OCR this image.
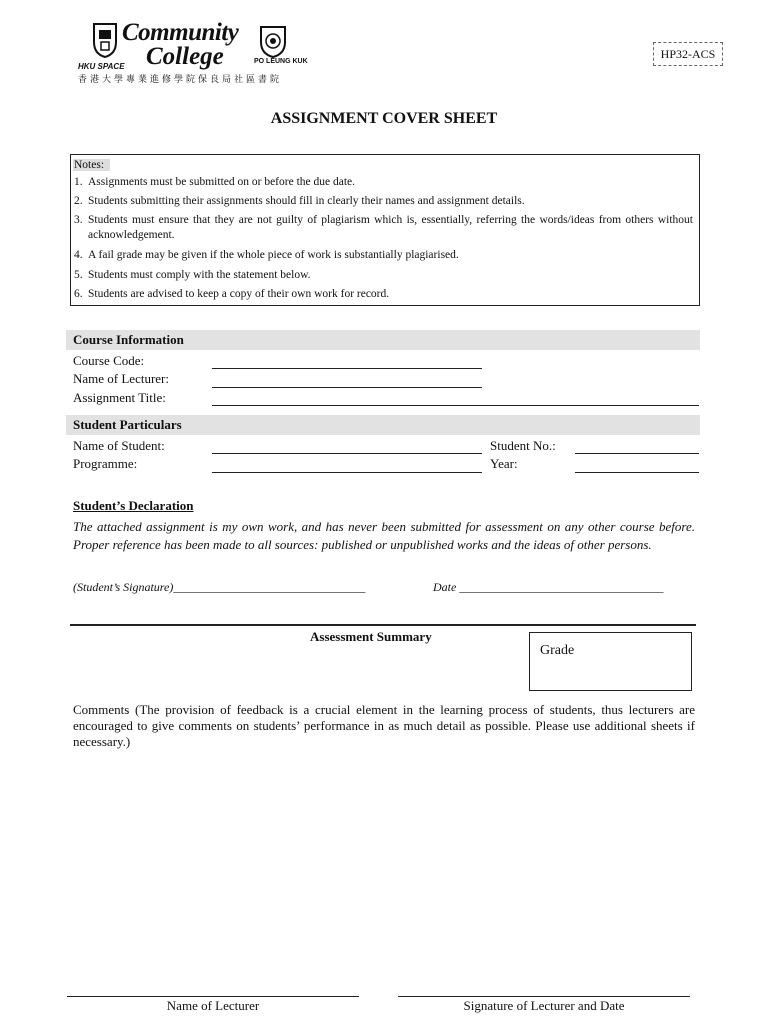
Community
College
HKU SPACE
PO LEUNG KUK
香港大學專業進修學院保良局社區書院
HP32-ACS
ASSIGNMENT COVER SHEET
Notes:
1. Assignments must be submitted on or before the due date.
2. Students submitting their assignments should fill in clearly their names and assignment details.
3. Students must ensure that they are not guilty of plagiarism which is, essentially, referring the words/ideas from others without acknowledgement.
4. A fail grade may be given if the whole piece of work is substantially plagiarised.
5. Students must comply with the statement below.
6. Students are advised to keep a copy of their own work for record.
Course Information
Course Code:
Name of Lecturer:
Assignment Title:
Student Particulars
Name of Student:	Student No.:
Programme:	Year:
Student’s Declaration
The attached assignment is my own work, and has never been submitted for assessment on any other course before. Proper reference has been made to all sources: published or unpublished works and the ideas of other persons.
(Student’s Signature)________________________________	Date __________________________________
Assessment Summary
Grade
Comments (The provision of feedback is a crucial element in the learning process of students, thus lecturers are encouraged to give comments on students’ performance in as much detail as possible. Please use additional sheets if necessary.)
Name of Lecturer	Signature of Lecturer and Date
